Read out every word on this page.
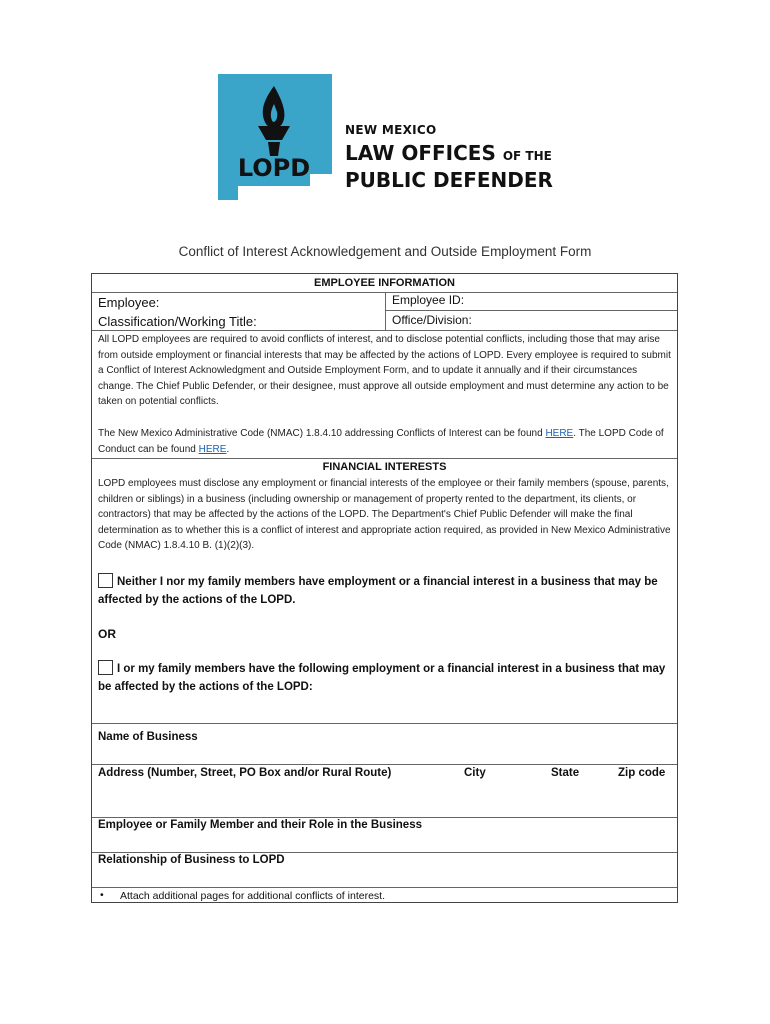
LOPD
NEW MEXICO
LAW OFFICES OF THE
PUBLIC DEFENDER
Conflict of Interest Acknowledgement and Outside Employment Form
EMPLOYEE INFORMATION
Employee:	Employee ID:
Classification/Working Title:	Office/Division:
All LOPD employees are required to avoid conflicts of interest, and to disclose potential conflicts, including those that may arise from outside employment or financial interests that may be affected by the actions of LOPD. Every employee is required to submit a Conflict of Interest Acknowledgment and Outside Employment Form, and to update it annually and if their circumstances change. The Chief Public Defender, or their designee, must approve all outside employment and must determine any action to be taken on potential conflicts.
The New Mexico Administrative Code (NMAC) 1.8.4.10 addressing Conflicts of Interest can be found HERE. The LOPD Code of Conduct can be found HERE.
FINANCIAL INTERESTS
LOPD employees must disclose any employment or financial interests of the employee or their family members (spouse, parents, children or siblings) in a business (including ownership or management of property rented to the department, its clients, or contractors) that may be affected by the actions of the LOPD. The Department's Chief Public Defender will make the final determination as to whether this is a conflict of interest and appropriate action required, as provided in New Mexico Administrative Code (NMAC) 1.8.4.10 B. (1)(2)(3).
Neither I nor my family members have employment or a financial interest in a business that may be affected by the actions of the LOPD.
OR
I or my family members have the following employment or a financial interest in a business that may be affected by the actions of the LOPD:
Name of Business
Address (Number, Street, PO Box and/or Rural Route)	City	State	Zip code
Employee or Family Member and their Role in the Business
Relationship of Business to LOPD
• Attach additional pages for additional conflicts of interest.
